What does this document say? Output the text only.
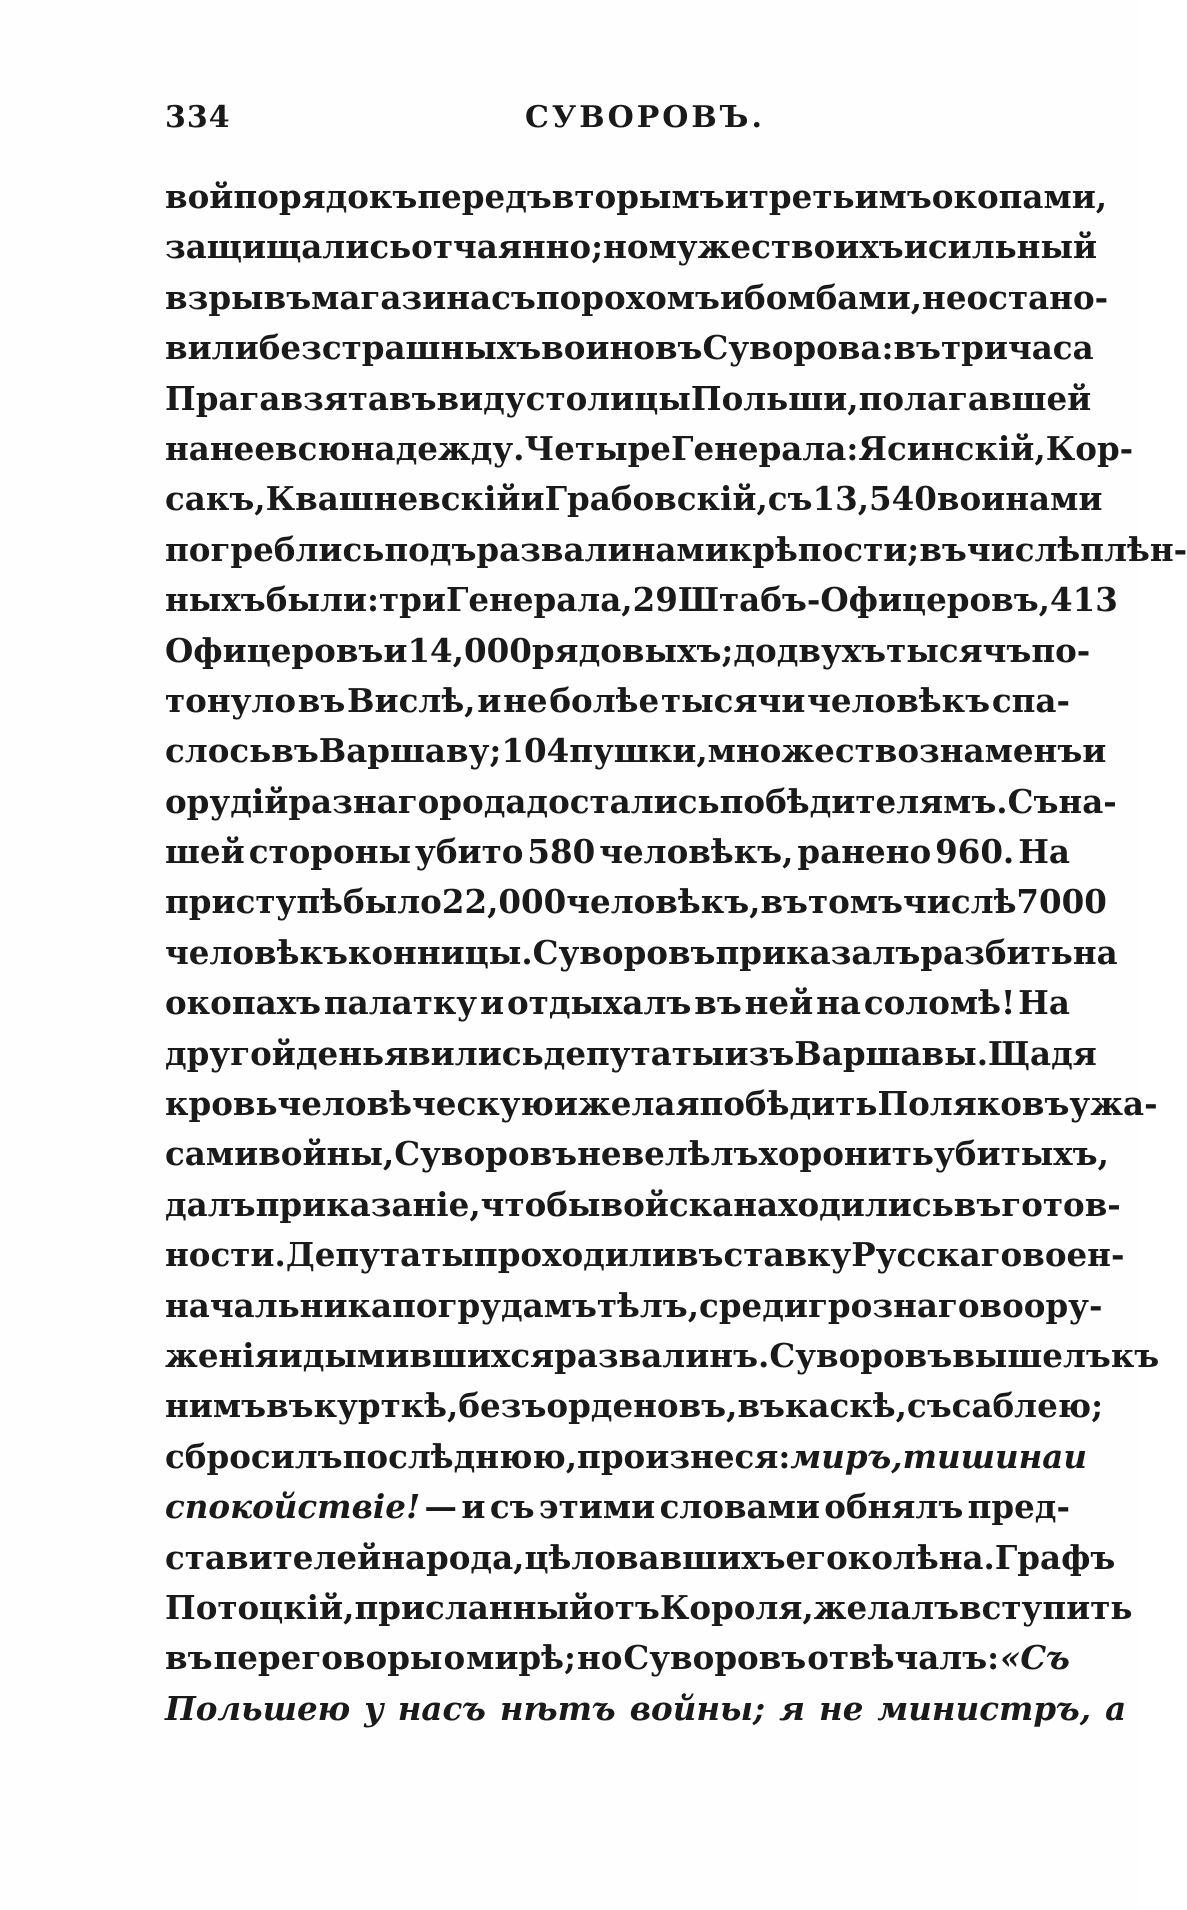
334	СУВОРОВЪ.
вой порядокъ передъ вторымъ и третьимъ окопами,
защищались отчаянно; но мужество ихъ и сильный
взрывъ магазина съ порохомъ и бомбами, не остано-
вили безстрашныхъ воиновъ Суворова: въ три часа
Прага взята въ виду столицы Польши, полагавшей
на нее всю надежду. Четыре Генерала: Ясинскій, Кор-
сакъ, Квашневскій и Грабовскій, съ 13,540 воинами
погреблись подъ развалинами крѣпости; въ числѣ плѣн-
ныхъ были: три Генерала, 29 Штабъ-Офицеровъ, 413
Офицеровъ и 14,000 рядовыхъ; до двухъ тысячъ по-
тонуло въ Вислѣ, и не болѣе тысячи человѣкъ спа-
слось въ Варшаву; 104 пушки, множество знаменъ и
орудій разнаго рода достались побѣдителямъ. Съ на-
шей стороны убито 580 человѣкъ, ранено 960. На
приступѣ было 22,000 человѣкъ, въ томъ числѣ 7000
человѣкъ конницы. Суворовъ приказалъ разбить на
окопахъ палатку и отдыхалъ въ ней на соломѣ! На
другой день явились депутаты изъ Варшавы. Щадя
кровь человѣческую и желая побѣдить Поляковъ ужа-
сами войны, Суворовъ не велѣлъ хоронить убитыхъ,
далъ приказаніе, чтобы войска находились въ готов-
ности. Депутаты проходили въ ставку Русскаго воен-
начальника по грудамъ тѣлъ, среди грознаго воору-
женія и дымившихся развалинъ. Суворовъ вышелъ къ
нимъ въ курткѣ, безъ орденовъ, въ каскѣ, съ саблею;
сбросилъ послѣднюю, произнеся: миръ, тишина и
спокойствіе! — и съ этими словами обнялъ пред-
ставителей народа, цѣловавшихъ его колѣна. Графъ
Потоцкій, присланный отъ Короля, желалъ вступить
въ переговоры о мирѣ; но Суворовъ отвѣчалъ: «Съ
Польшею у насъ нѣтъ войны; я не министръ, а
